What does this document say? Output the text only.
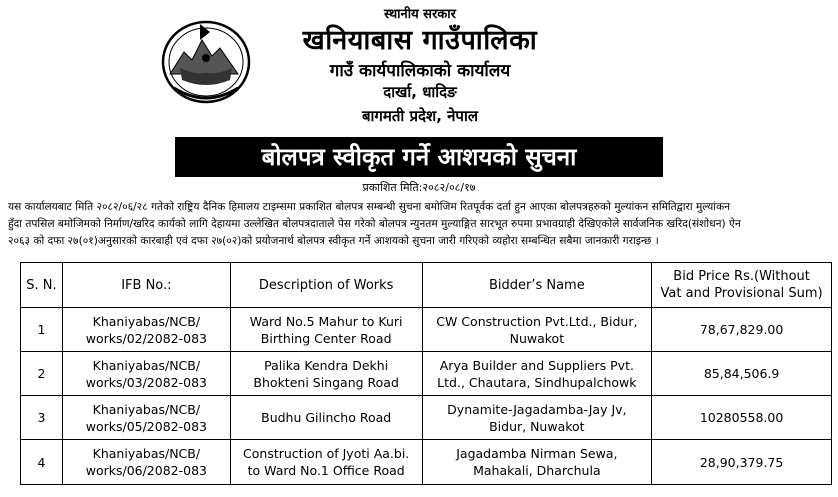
स्थानीय सरकार
खनियाबास गाउँपालिका
गाउँ कार्यपालिकाको कार्यालय
दार्खा, धादिङ
बागमती प्रदेश, नेपाल
बोलपत्र स्वीकृत गर्ने आशयको सुचना
प्रकाशित मिति:२०८२/०८/१७

यस कार्यालयबाट मिति २०८२/०६/२८ गतेको राष्ट्रिय दैनिक हिमालय टाइम्समा प्रकाशित बोलपत्र सम्बन्धी सुचना बमोजिम रितपूर्वक दर्ता हुन आएका बोलपत्रहरुको मुल्यांकन समितिद्वारा मुल्यांकन

हुँदा तपसिल बमोजिमको निर्माण/खरिद कार्यको लागि देहायमा उल्लेखित बोलपत्रदाताले पेस गरेको बोलपत्र न्युनतम मुल्याङ्गित सारभूत रुपमा प्रभावग्राही देखिएकोले सार्वजनिक खरिद(संशोधन) ऐन

२०६३ को दफा २७(०१)अनुसारको कारबाही एवं दफा २७(०२)को प्रयोजनार्थ बोलपत्र स्वीकृत गर्ने आशयको सुचना जारी गरिएको व्यहोरा सम्बन्धित सबैमा जानकारी गराइन्छ ।

S. N.	IFB No.:	Description of Works	Bidder’s Name	Bid Price Rs.(Without
Vat and Provisional Sum)
1	Khaniyabas/NCB/
works/02/2082-083	Ward No.5 Mahur to Kuri
Birthing Center Road	CW Construction Pvt.Ltd., Bidur,
Nuwakot	78,67,829.00
2	Khaniyabas/NCB/
works/03/2082-083	Palika Kendra Dekhi
Bhokteni Singang Road	Arya Builder and Suppliers Pvt.
Ltd., Chautara, Sindhupalchowk	85,84,506.9
3	Khaniyabas/NCB/
works/05/2082-083	Budhu Gilincho Road	Dynamite-Jagadamba-Jay Jv,
Bidur, Nuwakot	10280558.00
4	Khaniyabas/NCB/
works/06/2082-083	Construction of Jyoti Aa.bi.
to Ward No.1 Office Road	Jagadamba Nirman Sewa,
Mahakali, Dharchula	28,90,379.75
